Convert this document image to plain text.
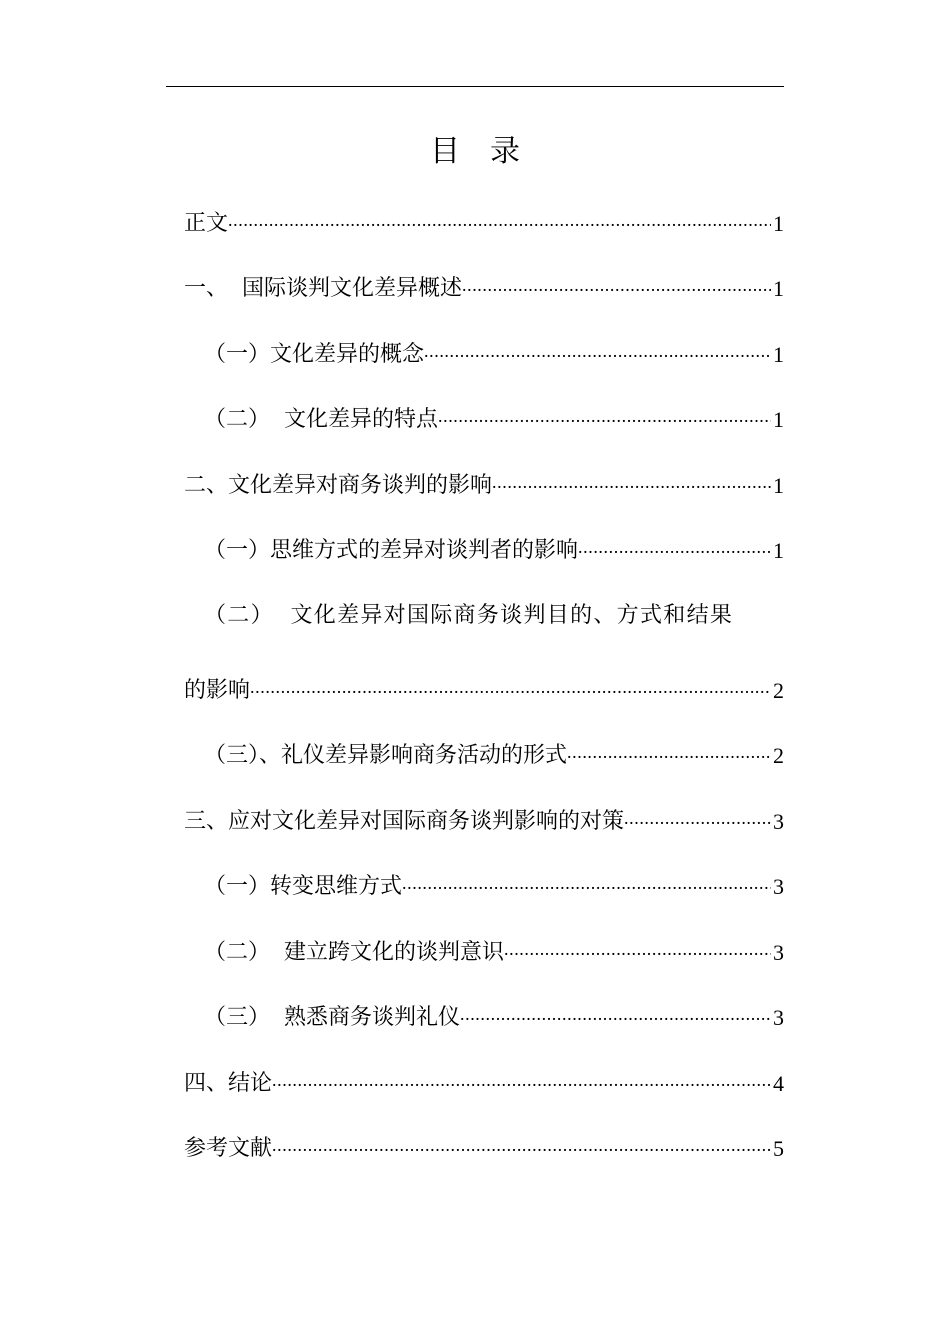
目录
正文 .....	1
一、  国际谈判文化差异概述 .....	1
（一）文化差异的概念 .....	1
（二）  文化差异的特点 .....	1
二、文化差异对商务谈判的影响 .....	1
（一）思维方式的差异对谈判者的影响 .....	1
（二）  文化差异对国际商务谈判目的、方式和结果
的影响 .....	2
（三）、礼仪差异影响商务活动的形式 .....	2
三、应对文化差异对国际商务谈判影响的对策 .....	3
（一）转变思维方式 .....	3
（二）  建立跨文化的谈判意识 .....	3
（三）  熟悉商务谈判礼仪 .....	3
四、结论 .....	4
参考文献 .....	5
